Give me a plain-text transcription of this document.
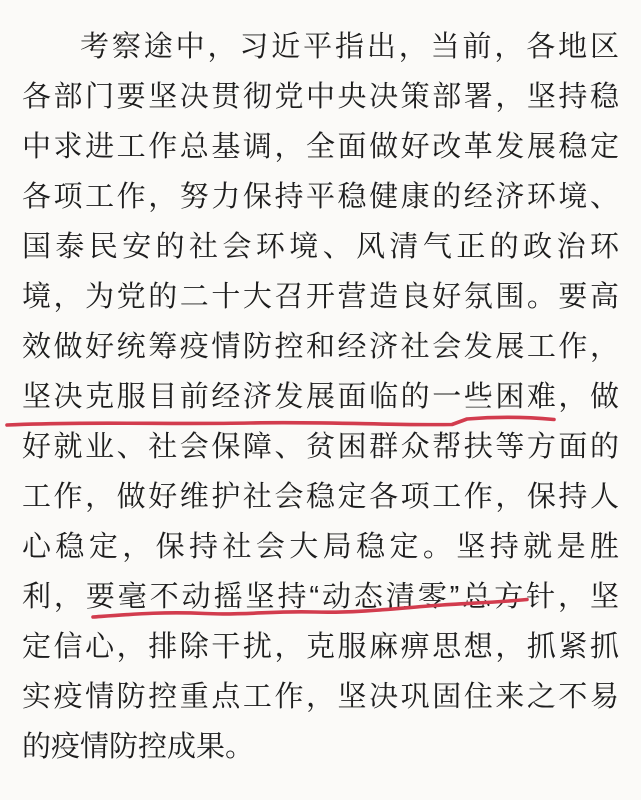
考察途中，习近平指出，当前，各地区
各部门要坚决贯彻党中央决策部署，坚持稳
中求进工作总基调，全面做好改革发展稳定
各项工作，努力保持平稳健康的经济环境、
国泰民安的社会环境、风清气正的政治环
境，为党的二十大召开营造良好氛围。要高
效做好统筹疫情防控和经济社会发展工作，
坚决克服目前经济发展面临的一些困难，做
好就业、社会保障、贫困群众帮扶等方面的
工作，做好维护社会稳定各项工作，保持人
心稳定，保持社会大局稳定。坚持就是胜
利，要毫不动摇坚持“动态清零”总方针，坚
定信心，排除干扰，克服麻痹思想，抓紧抓
实疫情防控重点工作，坚决巩固住来之不易
的疫情防控成果。
